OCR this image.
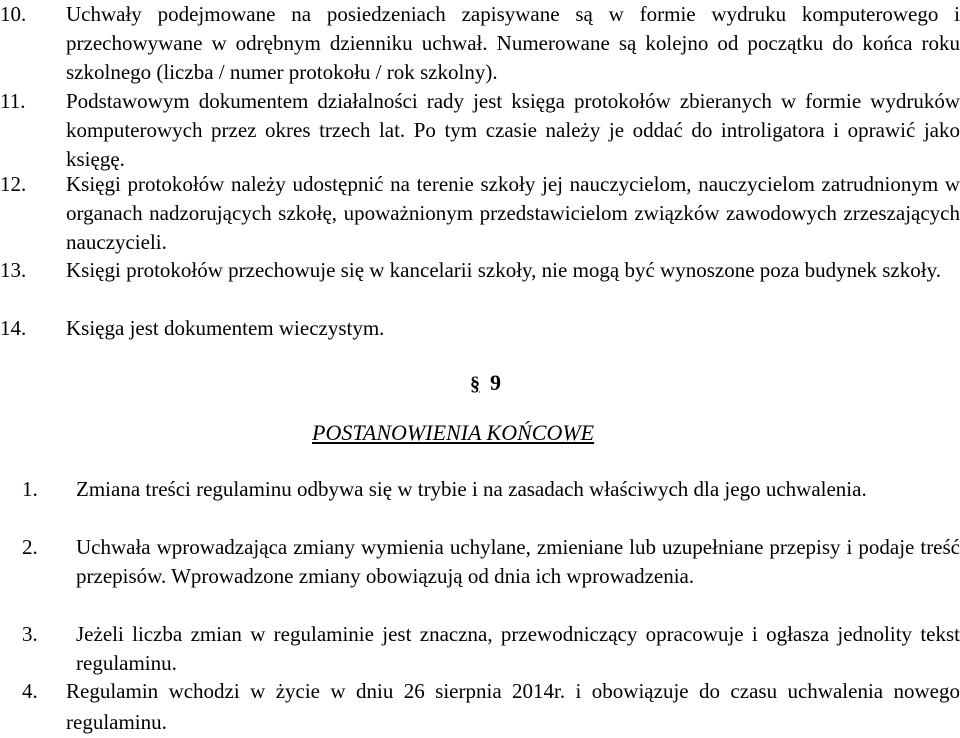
10. Uchwały podejmowane na posiedzeniach zapisywane są w formie wydruku komputerowego i przechowywane w odrębnym dzienniku uchwał. Numerowane są kolejno od początku do końca roku szkolnego (liczba / numer protokołu / rok szkolny).
11. Podstawowym dokumentem działalności rady jest księga protokołów zbieranych w formie wydruków komputerowych przez okres trzech lat. Po tym czasie należy je oddać do introligatora i oprawić jako księgę.
12. Księgi protokołów należy udostępnić na terenie szkoły jej nauczycielom, nauczycielom zatrudnionym w organach nadzorujących szkołę, upoważnionym przedstawicielom związków zawodowych zrzeszających nauczycieli.
13. Księgi protokołów przechowuje się w kancelarii szkoły, nie mogą być wynoszone poza budynek szkoły.
14. Księga jest dokumentem wieczystym.
§ 9
POSTANOWIENIA KOŃCOWE
1. Zmiana treści regulaminu odbywa się w trybie i na zasadach właściwych dla jego uchwalenia.
2. Uchwała wprowadzająca zmiany wymienia uchylane, zmieniane lub uzupełniane przepisy i podaje treść przepisów. Wprowadzone zmiany obowiązują od dnia ich wprowadzenia.
3. Jeżeli liczba zmian w regulaminie jest znaczna, przewodniczący opracowuje i ogłasza jednolity tekst regulaminu.
4. Regulamin wchodzi w życie w dniu 26 sierpnia 2014r. i obowiązuje do czasu uchwalenia nowego regulaminu.
